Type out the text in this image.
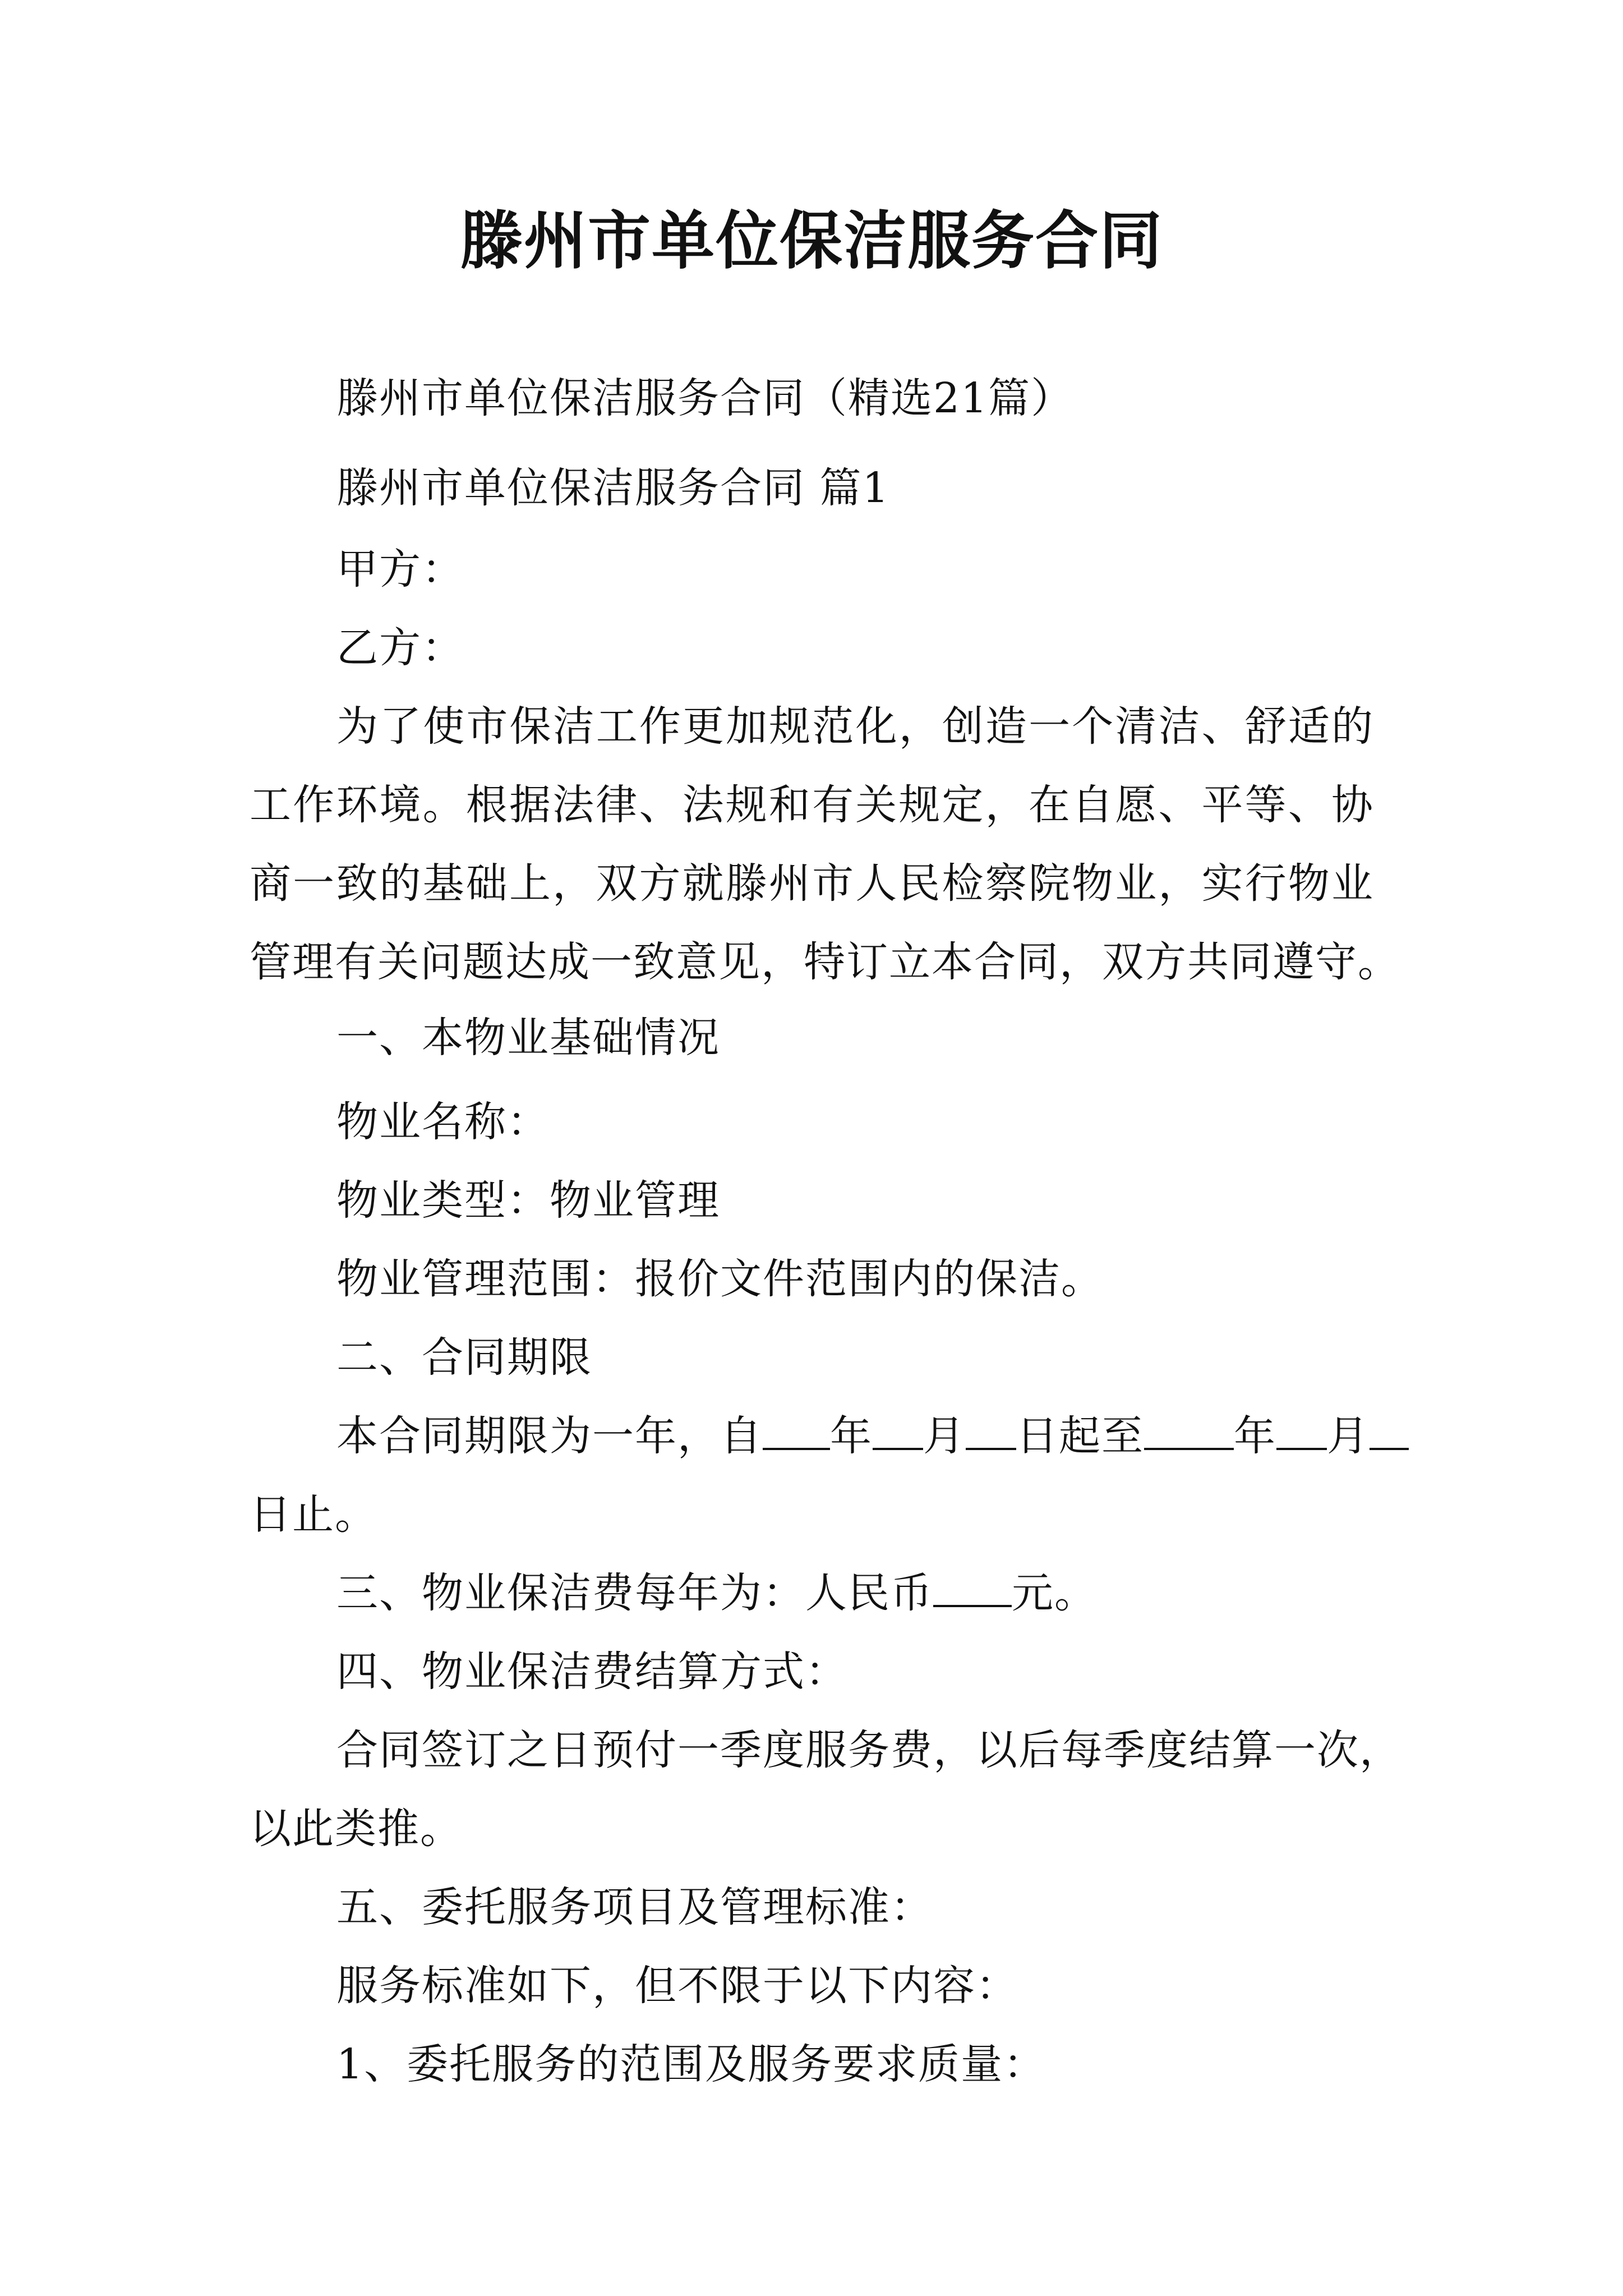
滕州市单位保洁服务合同
滕州市单位保洁服务合同（精选21篇）
滕州市单位保洁服务合同 篇1
甲方：
乙方：
为了使市保洁工作更加规范化，创造一个清洁、舒适的
工作环境。根据法律、法规和有关规定，在自愿、平等、协
商一致的基础上，双方就滕州市人民检察院物业，实行物业
管理有关问题达成一致意见，特订立本合同，双方共同遵守。
一、本物业基础情况
物业名称：
物业类型：物业管理
物业管理范围：报价文件范围内的保洁。
二、合同期限
本合同期限为一年，自 年 月 日起至 年 月
日止。
三、物业保洁费每年为：人民币 元。
四、物业保洁费结算方式：
合同签订之日预付一季度服务费，以后每季度结算一次，
以此类推。
五、委托服务项目及管理标准：
服务标准如下，但不限于以下内容：
1、委托服务的范围及服务要求质量：
